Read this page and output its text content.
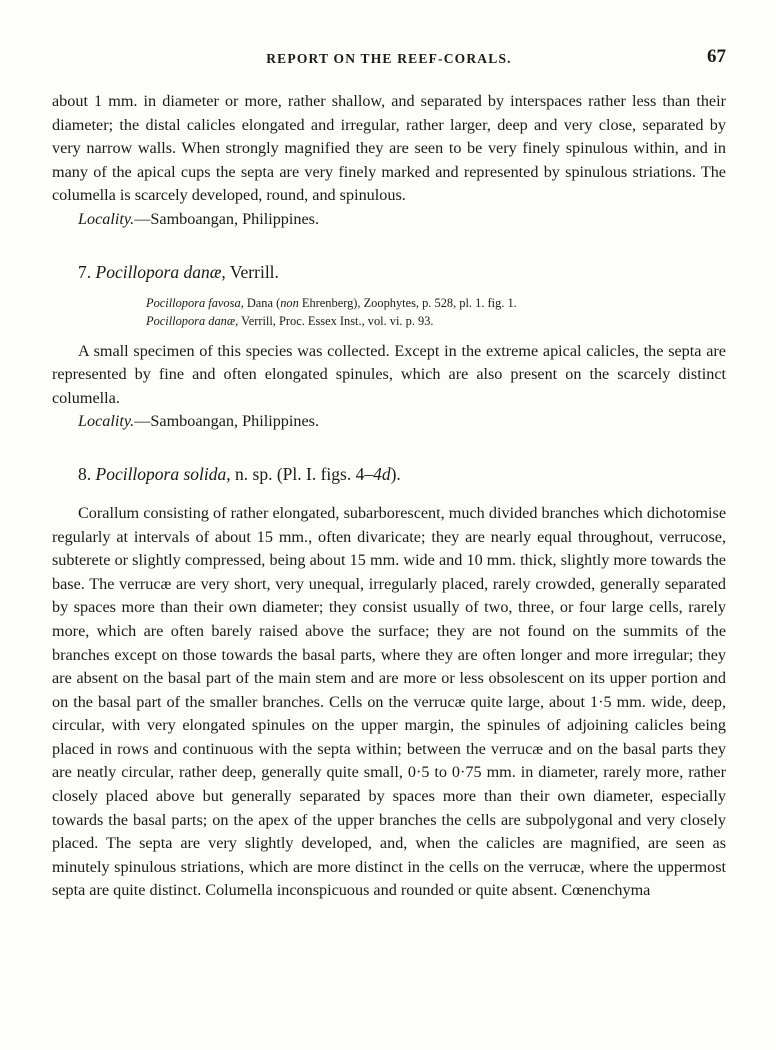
REPORT ON THE REEF-CORALS.	67

about 1 mm. in diameter or more, rather shallow, and separated by interspaces rather less than their diameter; the distal calicles elongated and irregular, rather larger, deep and very close, separated by very narrow walls. When strongly magnified they are seen to be very finely spinulous within, and in many of the apical cups the septa are very finely marked and represented by spinulous striations. The columella is scarcely developed, round, and spinulous.

Locality.—Samboangan, Philippines.

7. Pocillopora danæ, Verrill.
Pocillopora favosa, Dana (non Ehrenberg), Zoophytes, p. 528, pl. 1. fig. 1.
Pocillopora danæ, Verrill, Proc. Essex Inst., vol. vi. p. 93.

A small specimen of this species was collected. Except in the extreme apical calicles, the septa are represented by fine and often elongated spinules, which are also present on the scarcely distinct columella.

Locality.—Samboangan, Philippines.

8. Pocillopora solida, n. sp. (Pl. I. figs. 4–4d).

Corallum consisting of rather elongated, subarborescent, much divided branches which dichotomise regularly at intervals of about 15 mm., often divaricate; they are nearly equal throughout, verrucose, subterete or slightly compressed, being about 15 mm. wide and 10 mm. thick, slightly more towards the base. The verrucæ are very short, very unequal, irregularly placed, rarely crowded, generally separated by spaces more than their own diameter; they consist usually of two, three, or four large cells, rarely more, which are often barely raised above the surface; they are not found on the summits of the branches except on those towards the basal parts, where they are often longer and more irregular; they are absent on the basal part of the main stem and are more or less obsolescent on its upper portion and on the basal part of the smaller branches. Cells on the verrucæ quite large, about 1·5 mm. wide, deep, circular, with very elongated spinules on the upper margin, the spinules of adjoining calicles being placed in rows and continuous with the septa within; between the verrucæ and on the basal parts they are neatly circular, rather deep, generally quite small, 0·5 to 0·75 mm. in diameter, rarely more, rather closely placed above but generally separated by spaces more than their own diameter, especially towards the basal parts; on the apex of the upper branches the cells are subpolygonal and very closely placed. The septa are very slightly developed, and, when the calicles are magnified, are seen as minutely spinulous striations, which are more distinct in the cells on the verrucæ, where the uppermost septa are quite distinct. Columella inconspicuous and rounded or quite absent. Cœnenchyma
